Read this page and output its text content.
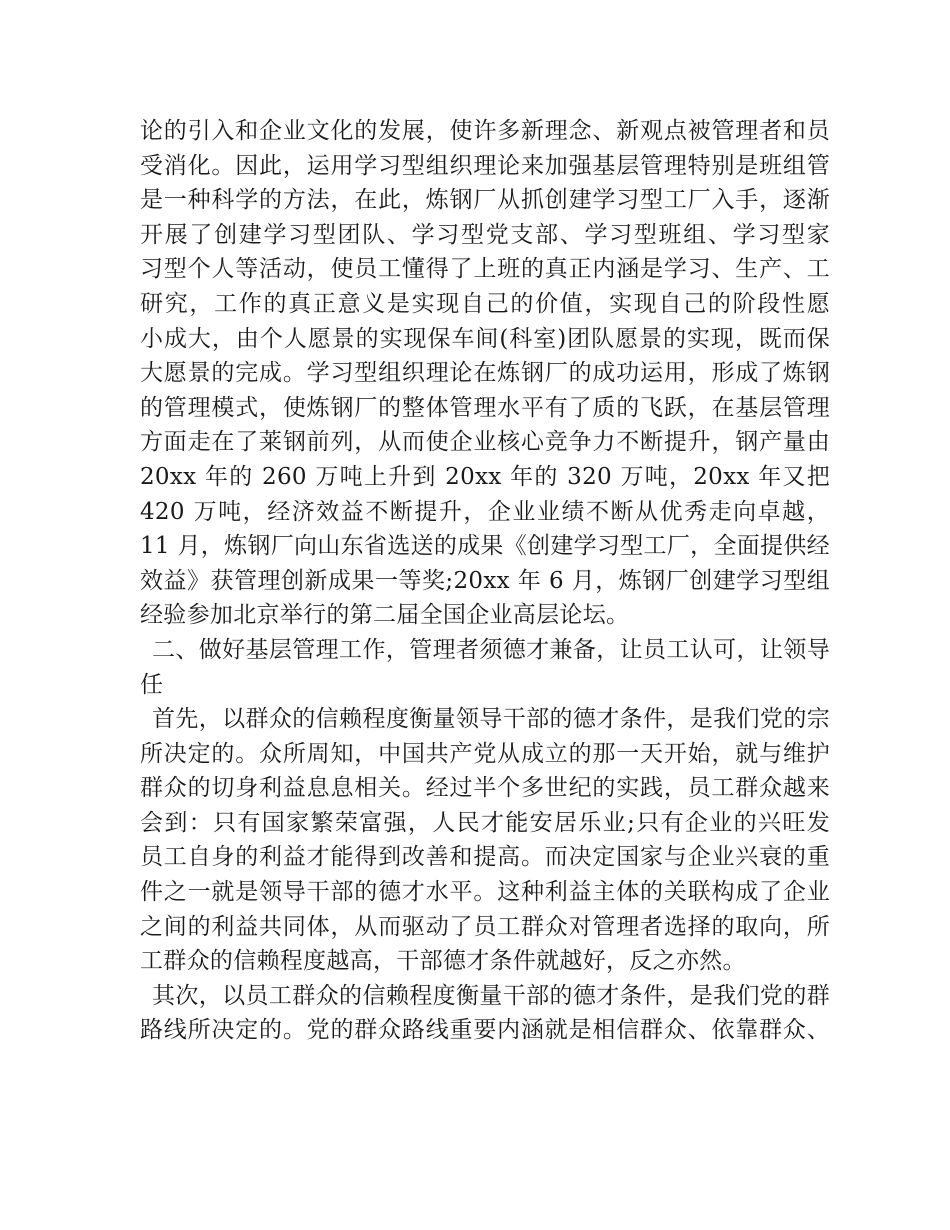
论的引入和企业文化的发展，使许多新理念、新观点被管理者和员
受消化。因此，运用学习型组织理论来加强基层管理特别是班组管
是一种科学的方法，在此，炼钢厂从抓创建学习型工厂入手，逐渐
开展了创建学习型团队、学习型党支部、学习型班组、学习型家
习型个人等活动，使员工懂得了上班的真正内涵是学习、生产、工
研究，工作的真正意义是实现自己的价值，实现自己的阶段性愿
小成大，由个人愿景的实现保车间(科室)团队愿景的实现，既而保
大愿景的完成。学习型组织理论在炼钢厂的成功运用，形成了炼钢
的管理模式，使炼钢厂的整体管理水平有了质的飞跃，在基层管理
方面走在了莱钢前列，从而使企业核心竞争力不断提升，钢产量由
20xx 年的 260 万吨上升到 20xx 年的 320 万吨，20xx 年又把
420 万吨，经济效益不断提升，企业业绩不断从优秀走向卓越，
11 月，炼钢厂向山东省选送的成果《创建学习型工厂，全面提供经
效益》获管理创新成果一等奖;20xx 年 6 月，炼钢厂创建学习型组
经验参加北京举行的第二届全国企业高层论坛。
二、做好基层管理工作，管理者须德才兼备，让员工认可，让领导
任
首先，以群众的信赖程度衡量领导干部的德才条件，是我们党的宗
所决定的。众所周知，中国共产党从成立的那一天开始，就与维护
群众的切身利益息息相关。经过半个多世纪的实践，员工群众越来
会到：只有国家繁荣富强，人民才能安居乐业;只有企业的兴旺发
员工自身的利益才能得到改善和提高。而决定国家与企业兴衰的重
件之一就是领导干部的德才水平。这种利益主体的关联构成了企业
之间的利益共同体，从而驱动了员工群众对管理者选择的取向，所
工群众的信赖程度越高，干部德才条件就越好，反之亦然。
其次，以员工群众的信赖程度衡量干部的德才条件，是我们党的群
路线所决定的。党的群众路线重要内涵就是相信群众、依靠群众、
